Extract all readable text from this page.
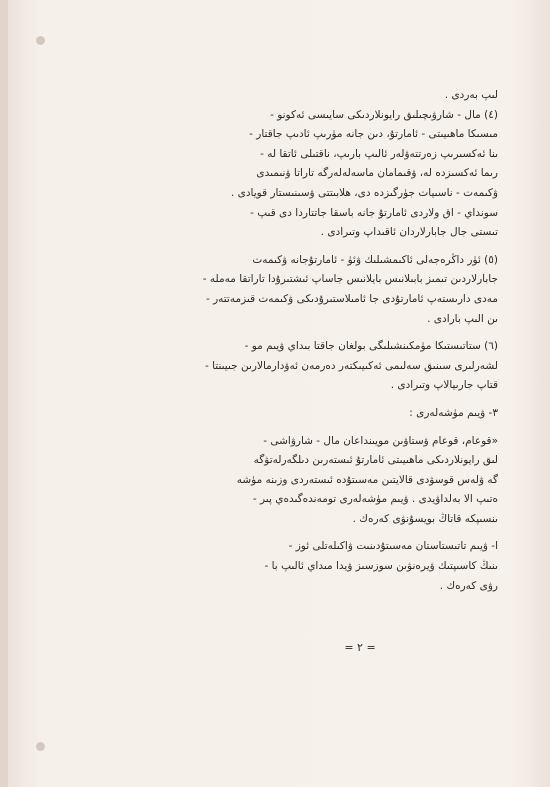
لىپ بەردى .
(٤) مال - شارۋىچىلىق رايونلاردىكى سايىسى ئەكونو -
مىسىكا ماھىيىتى - ئامارتۇ، دىن جانە مۈرىپ ئادىپ جاقتار -
ىنا ئەكسىرىپ زەرتتەۋلەر ئالىپ بارىپ، ناقتىلى ئاتقا لە -
رىما ئەكسىزدە لە، ۋقىمامان ماسەلەلەرگە تاراتا ۋنىمىدى
ۋكىمەت - ناسىيات جۈرگىزدە دى، ھلابىتتى ۋسىنىستار قويادى .
سونداي - اق ولاردى ئامارتۇ جانە باسقا جاتتاردا دى قىپ -
تىستى جال جابارلاردان ئاقىداپ وتىرادى .
(٥) ئۈر داڭرەجەلى ئاكىمشىلىك ۋئۈ - ئامارتۇجانە ۋكىمەت
جابارلاردىن تىمىز بابىلانىس بايلانىس جاساپ ئىشتىرۇدا تاراتقا مەملە -
مەدى دارىستەپ ئامارتۇدى جا ئامىلاستىرۇدىكى ۋكىمەت قىزمەتتەر -
ىن الىپ بارادى .
(٦) ستاتىستىكا مۈمكىنشىلىگى بولغان جاقتا بىداي ۋيىم مو -
لشەرلىرى سىنىق سەلىمى ئەكىيىكتەر دەرمەن ئەۋدارمالارىن جىيىنتا -
قتاپ جارىيالاپ وتىرادى .
٣- ۋيىم مۈشەلەرى :
«قوعام، قوعام ۋستاۋىن مويىنداعان مال - شارۋاشى -
لىق رايونلاردىكى ماھىيىتى ئامارتۇ ئىستەرىن دىلگەرلەتۋگە
گە ۋلەس قوسۋدى قالايتىن مەسىتۇدە ئىستەردى وزىنە مۈشە
ەتىپ الا بەلداۋيدى . ۋيىم مۈشەلەرى تومەندەگىدەي پىر -
ىنسىپكە قاتاڭ بويسۇنۋى كەرەك .
ا- ۋيىم تاتىستاستان مەسىتۇدىنىت ۋاكىلەتلى ئوز -
ىنىڭ كاسىپتىك ۋيرەنۋىن سوزسىز ۋيدا مىداي ئالىپ با -
رۋى كەرەك .
= ٢ =
